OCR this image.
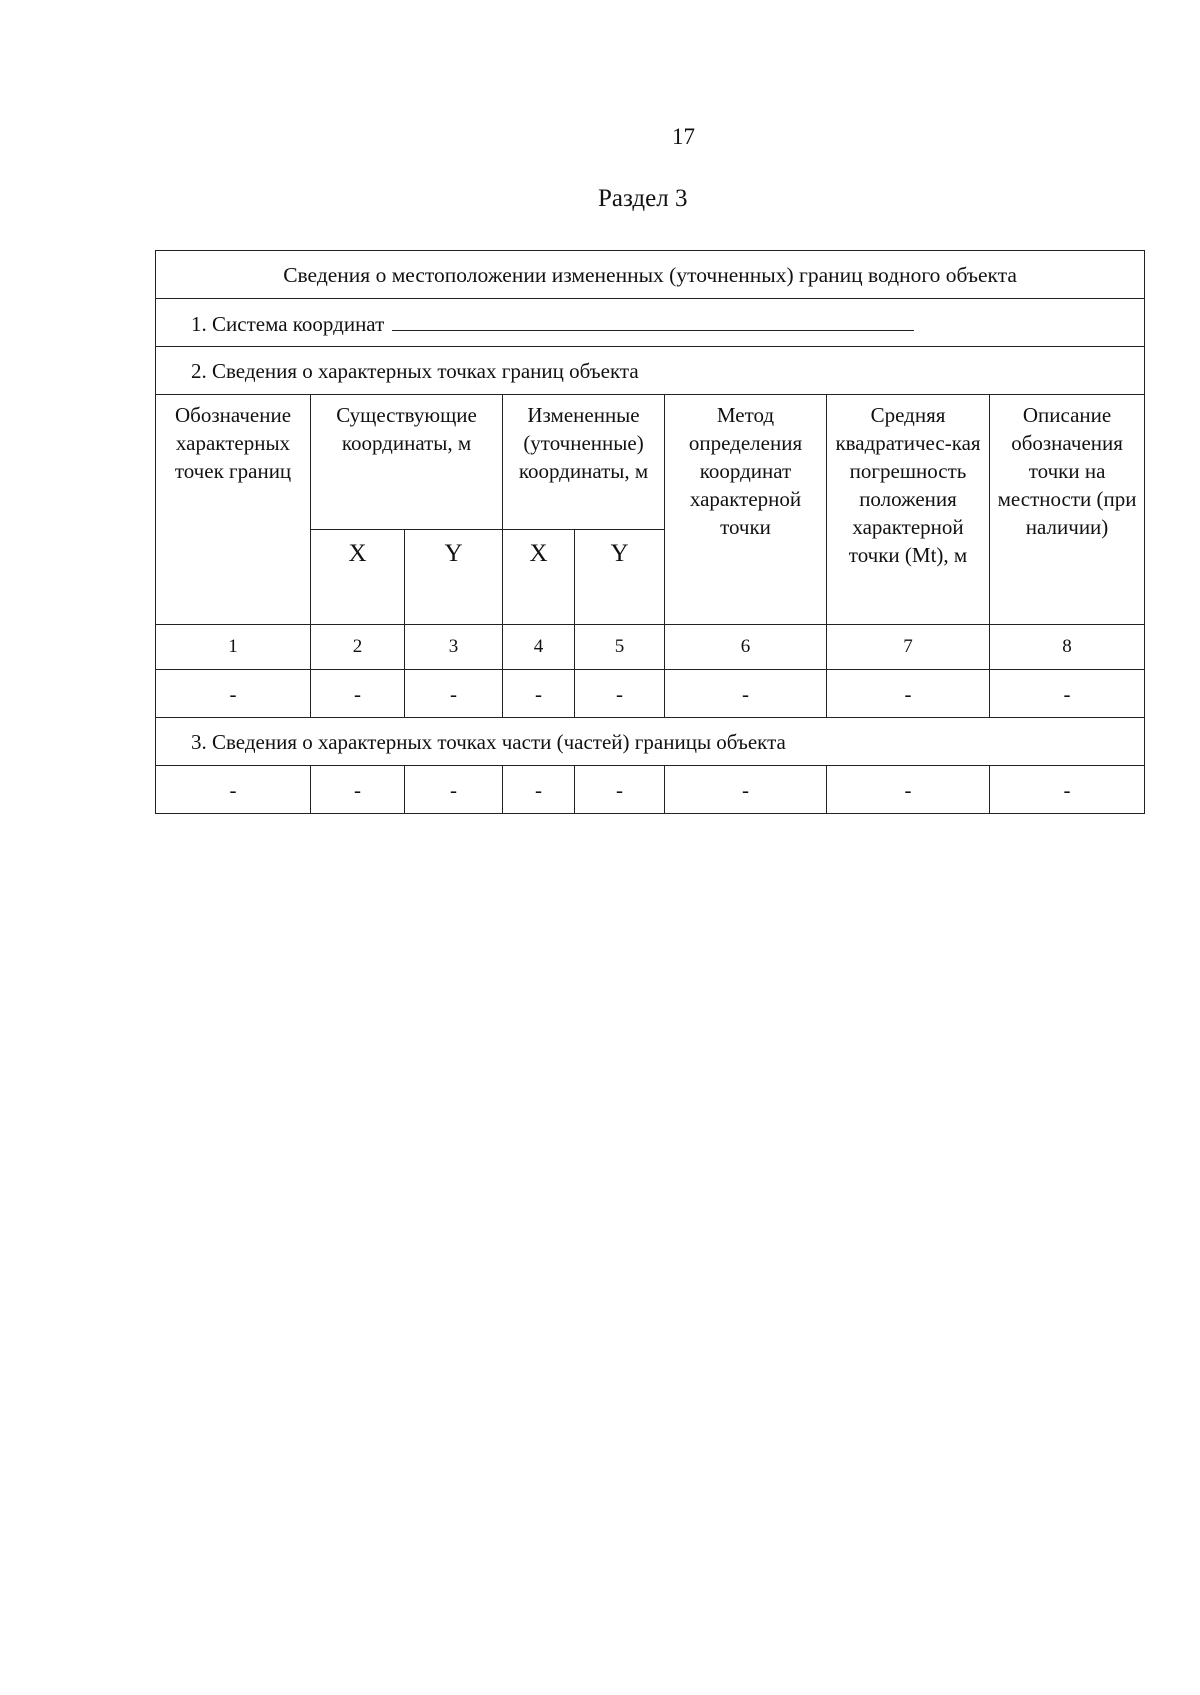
17
Раздел 3
Сведения о местоположении измененных (уточненных) границ водного объекта							

1. Система координат							

2. Сведения о характерных точках границ объекта							

Обозначение характерных точек границ	Существующие координаты, м		Измененные (уточненные) координаты, м		Метод определения координат характерной точки	Средняя квадратичес-кая погрешность положения характерной точки (Mt), м	Описание обозначения точки на местности (при наличии)
	X	Y	X	Y			
1	2	3	4	5	6	7	8
-	-	-	-	-	-	-	-

3. Сведения о характерных точках части (частей) границы объекта							

-	-	-	-	-	-	-	-
